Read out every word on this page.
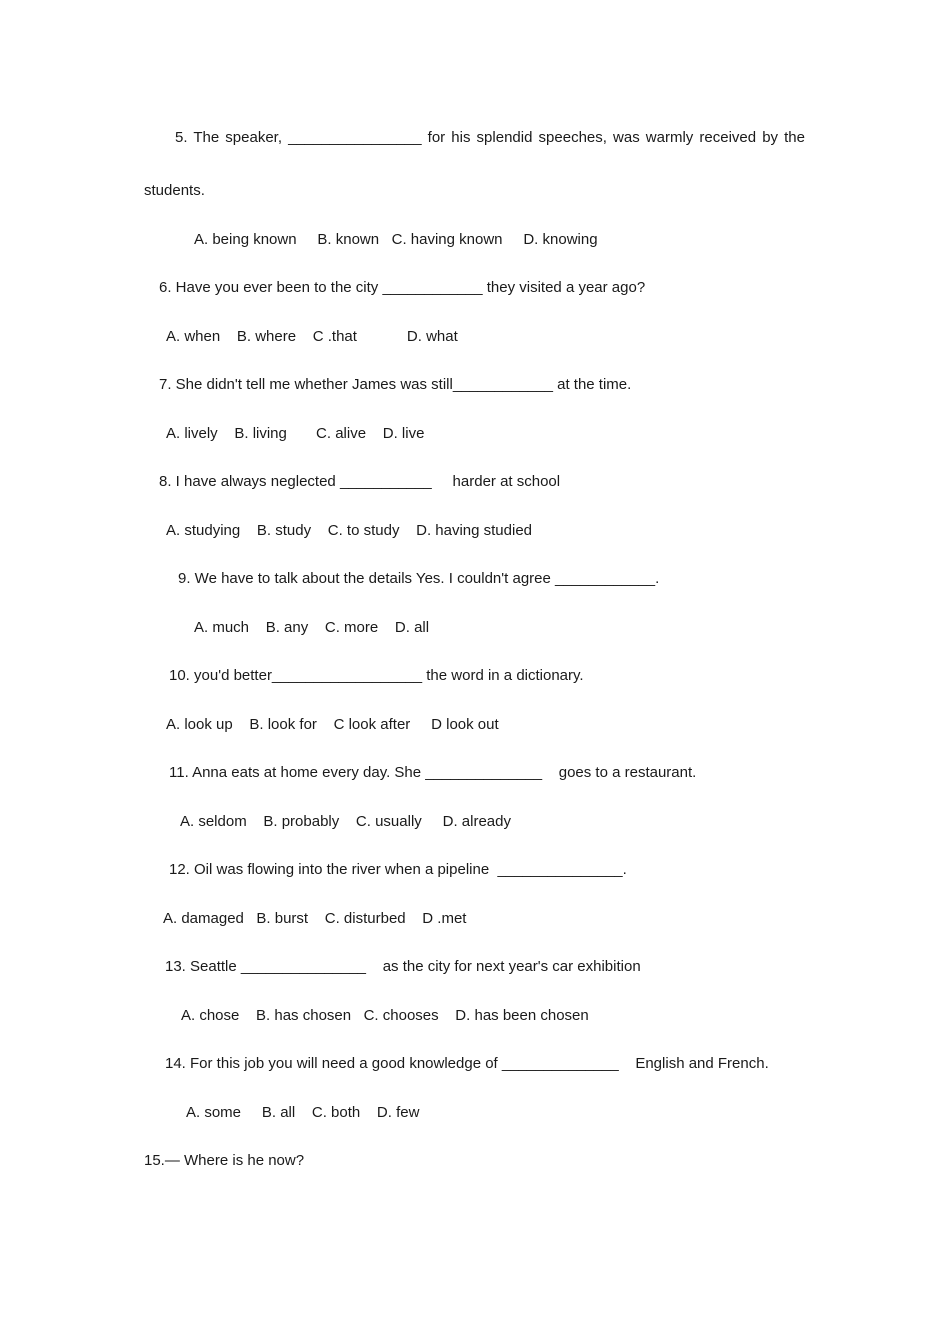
5. The speaker, ________________ for his splendid speeches, was warmly received by the
students.
A. being known     B. known   C. having known     D. knowing
6. Have you ever been to the city ____________ they visited a year ago?
A. when    B. where    C .that            D. what
7. She didn't tell me whether James was still____________ at the time.
A. lively    B. living       C. alive    D. live
8. I have always neglected ___________     harder at school
A. studying    B. study    C. to study    D. having studied
9. We have to talk about the details Yes. I couldn't agree ____________.
A. much    B. any    C. more    D. all
10. you'd better__________________ the word in a dictionary.
A. look up    B. look for    C look after     D look out
11. Anna eats at home every day. She ______________    goes to a restaurant.
A. seldom    B. probably    C. usually     D. already
12. Oil was flowing into the river when a pipeline  _______________.
A. damaged   B. burst    C. disturbed    D .met
13. Seattle _______________    as the city for next year's car exhibition
A. chose    B. has chosen   C. chooses    D. has been chosen
14. For this job you will need a good knowledge of ______________    English and French.
A. some     B. all    C. both    D. few
15.— Where is he now?
